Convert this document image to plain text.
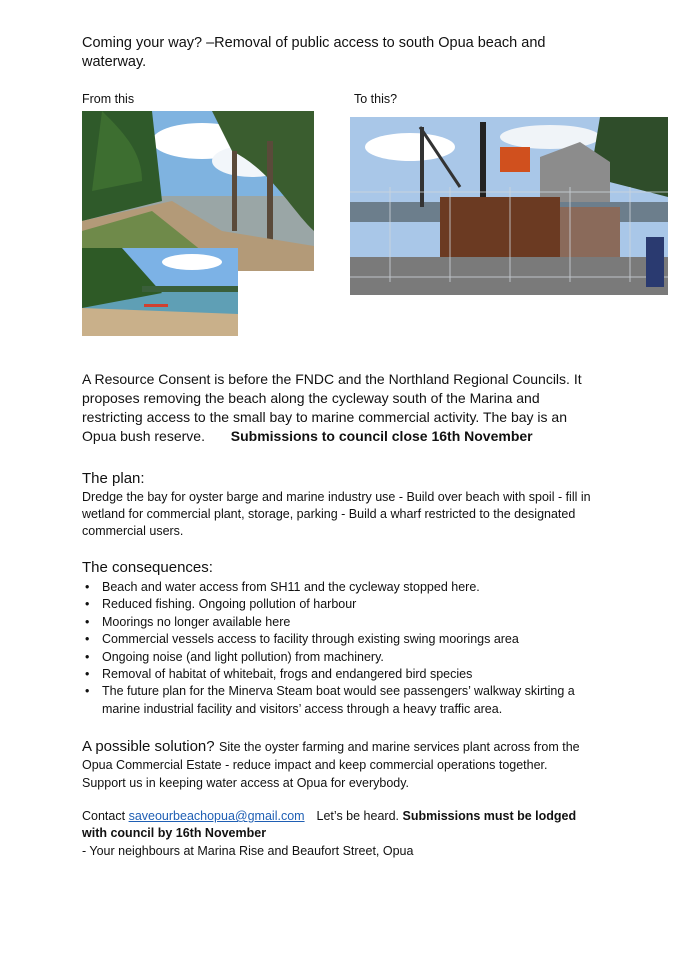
Coming your way? –Removal of public access to south Opua beach and waterway.
From this	To this?
A Resource Consent is before the FNDC and the Northland Regional Councils. It proposes removing the beach along the cycleway south of the Marina and restricting access to the small bay to marine commercial activity. The bay is an Opua bush reserve. Submissions to council close 16th November
The plan:
Dredge the bay for oyster barge and marine industry use - Build over beach with spoil - fill in wetland for commercial plant, storage, parking - Build a wharf restricted to the designated commercial users.
The consequences:
• Beach and water access from SH11 and the cycleway stopped here.
• Reduced fishing. Ongoing pollution of harbour
• Moorings no longer available here
• Commercial vessels access to facility through existing swing moorings area
• Ongoing noise (and light pollution) from machinery.
• Removal of habitat of whitebait, frogs and endangered bird species
• The future plan for the Minerva Steam boat would see passengers’ walkway skirting a marine industrial facility and visitors’ access through a heavy traffic area.
A possible solution? Site the oyster farming and marine services plant across from the Opua Commercial Estate - reduce impact and keep commercial operations together. Support us in keeping water access at Opua for everybody.
Contact saveourbeachopua@gmail.com Let’s be heard. Submissions must be lodged with council by 16th November
- Your neighbours at Marina Rise and Beaufort Street, Opua
